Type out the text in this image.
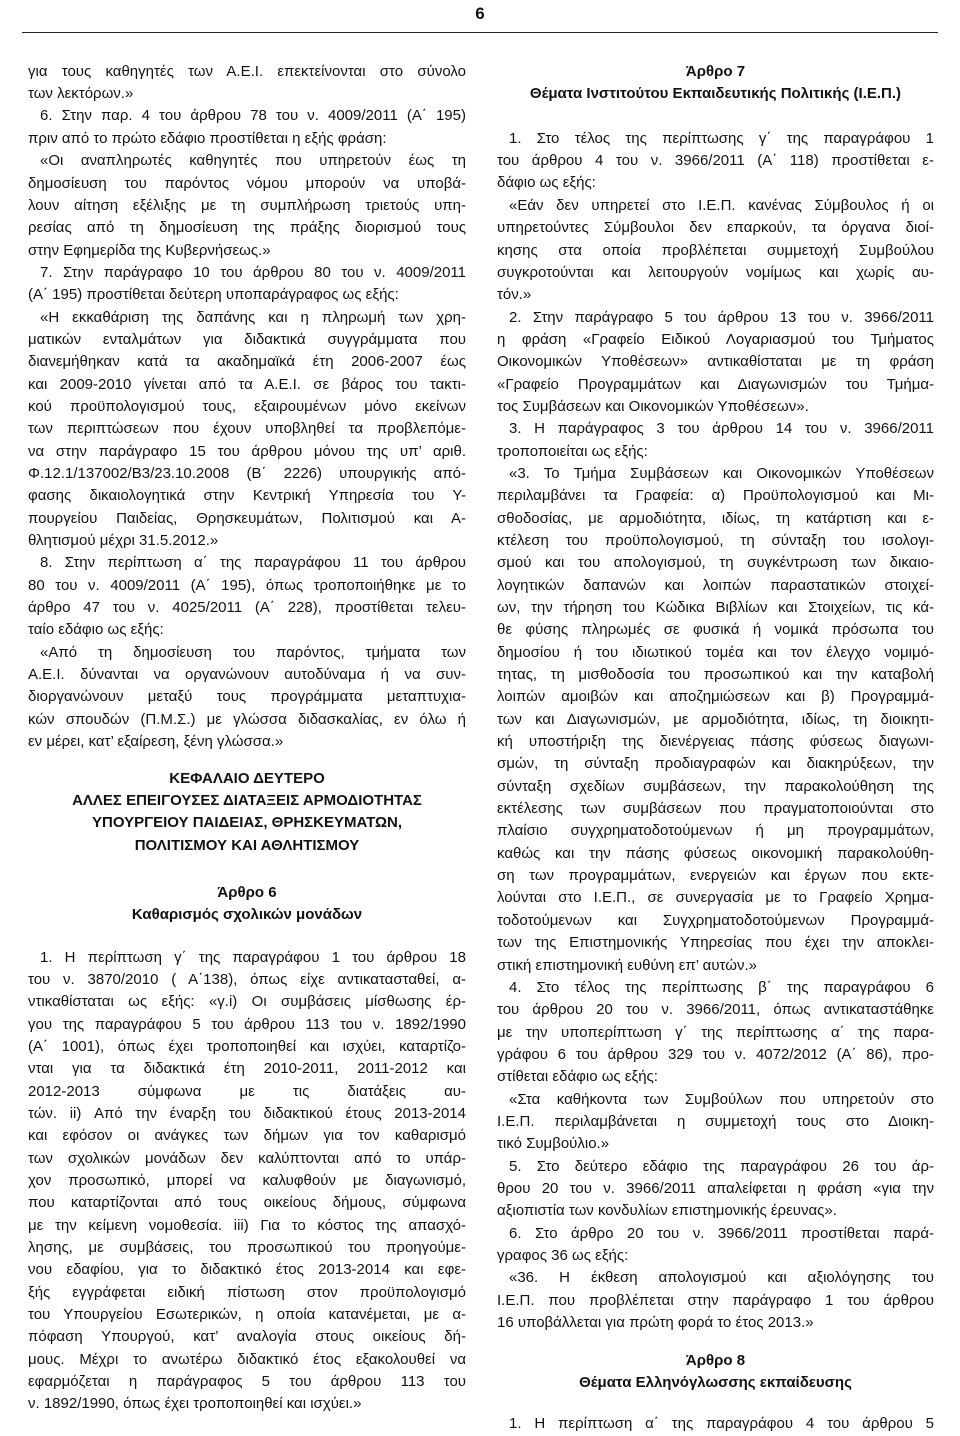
6
για τους καθηγητές των Α.Ε.Ι. επεκτείνονται στο σύνολο
των λεκτόρων.»
6. Στην παρ. 4 του άρθρου 78 του ν. 4009/2011 (Α΄ 195)
πριν από το πρώτο εδάφιο προστίθεται η εξής φράση:
«Οι αναπληρωτές καθηγητές που υπηρετούν έως τη
δημοσίευση του παρόντος νόμου μπορούν να υποβά-
λουν αίτηση εξέλιξης με τη συμπλήρωση τριετούς υπη-
ρεσίας από τη δημοσίευση της πράξης διορισμού τους
στην Εφημερίδα της Κυβερνήσεως.»
7. Στην παράγραφο 10 του άρθρου 80 του ν. 4009/2011
(Α΄ 195) προστίθεται δεύτερη υποπαράγραφος ως εξής:
«Η εκκαθάριση της δαπάνης και η πληρωμή των χρη-
ματικών ενταλμάτων για διδακτικά συγγράμματα που
διανεμήθηκαν κατά τα ακαδημαϊκά έτη 2006-2007 έως
και 2009-2010 γίνεται από τα Α.Ε.Ι. σε βάρος του τακτι-
κού προϋπολογισμού τους, εξαιρουμένων μόνο εκείνων
των περιπτώσεων που έχουν υποβληθεί τα προβλεπόμε-
να στην παράγραφο 15 του άρθρου μόνου της υπ’ αριθ.
Φ.12.1/137002/Β3/23.10.2008 (Β΄ 2226) υπουργικής από-
φασης δικαιολογητικά στην Κεντρική Υπηρεσία του Υ-
πουργείου Παιδείας, Θρησκευμάτων, Πολιτισμού και Α-
θλητισμού μέχρι 31.5.2012.»
8. Στην περίπτωση α΄ της παραγράφου 11 του άρθρου
80 του ν. 4009/2011 (Α΄ 195), όπως τροποποιήθηκε με το
άρθρο 47 του ν. 4025/2011 (Α΄ 228), προστίθεται τελευ-
ταίο εδάφιο ως εξής:
«Από τη δημοσίευση του παρόντος, τμήματα των
Α.Ε.Ι. δύνανται να οργανώνουν αυτοδύναμα ή να συν-
διοργανώνουν μεταξύ τους προγράμματα μεταπτυχια-
κών σπουδών (Π.Μ.Σ.) με γλώσσα διδασκαλίας, εν όλω ή
εν μέρει, κατ’ εξαίρεση, ξένη γλώσσα.»
ΚΕΦΑΛΑΙΟ ΔΕΥΤΕΡΟ
ΑΛΛΕΣ ΕΠΕΙΓΟΥΣΕΣ ΔΙΑΤΑΞΕΙΣ ΑΡΜΟΔΙΟΤΗΤΑΣ
ΥΠΟΥΡΓΕΙΟΥ ΠΑΙΔΕΙΑΣ, ΘΡΗΣΚΕΥΜΑΤΩΝ,
ΠΟΛΙΤΙΣΜΟΥ ΚΑΙ ΑΘΛΗΤΙΣΜΟΥ
Άρθρο 6
Καθαρισμός σχολικών μονάδων
1. Η περίπτωση γ΄ της παραγράφου 1 του άρθρου 18
του ν. 3870/2010 ( Α΄138), όπως είχε αντικατασταθεί, α-
ντικαθίσταται ως εξής: «γ.i) Οι συμβάσεις μίσθωσης έρ-
γου της παραγράφου 5 του άρθρου 113 του ν. 1892/1990
(Α΄ 1001), όπως έχει τροποποιηθεί και ισχύει, καταρτίζο-
νται για τα διδακτικά έτη 2010-2011, 2011-2012 και
2012-2013 σύμφωνα με τις διατάξεις αυ-
τών. ii) Από την έναρξη του διδακτικού έτους 2013-2014
και εφόσον οι ανάγκες των δήμων για τον καθαρισμό
των σχολικών μονάδων δεν καλύπτονται από το υπάρ-
χον προσωπικό, μπορεί να καλυφθούν με διαγωνισμό,
που καταρτίζονται από τους οικείους δήμους, σύμφωνα
με την κείμενη νομοθεσία. iii) Για το κόστος της απασχό-
λησης, με συμβάσεις, του προσωπικού του προηγούμε-
νου εδαφίου, για το διδακτικό έτος 2013-2014 και εφε-
ξής εγγράφεται ειδική πίστωση στον προϋπολογισμό
του Υπουργείου Εσωτερικών, η οποία κατανέμεται, με α-
πόφαση Υπουργού, κατ’ αναλογία στους οικείους δή-
μους. Μέχρι το ανωτέρω διδακτικό έτος εξακολουθεί να
εφαρμόζεται η παράγραφος 5 του άρθρου 113 του
ν. 1892/1990, όπως έχει τροποποιηθεί και ισχύει.»
Άρθρο 7
Θέματα Ινστιτούτου Εκπαιδευτικής Πολιτικής (Ι.Ε.Π.)
1. Στο τέλος της περίπτωσης γ΄ της παραγράφου 1
του άρθρου 4 του ν. 3966/2011 (Α΄ 118) προστίθεται ε-
δάφιο ως εξής:
«Εάν δεν υπηρετεί στο Ι.Ε.Π. κανένας Σύμβουλος ή οι
υπηρετούντες Σύμβουλοι δεν επαρκούν, τα όργανα διοί-
κησης στα οποία προβλέπεται συμμετοχή Συμβούλου
συγκροτούνται και λειτουργούν νομίμως και χωρίς αυ-
τόν.»
2. Στην παράγραφο 5 του άρθρου 13 του ν. 3966/2011
η φράση «Γραφείο Ειδικού Λογαριασμού του Τμήματος
Οικονομικών Υποθέσεων» αντικαθίσταται με τη φράση
«Γραφείο Προγραμμάτων και Διαγωνισμών του Τμήμα-
τος Συμβάσεων και Οικονομικών Υποθέσεων».
3. Η παράγραφος 3 του άρθρου 14 του ν. 3966/2011
τροποποιείται ως εξής:
«3. Το Τμήμα Συμβάσεων και Οικονομικών Υποθέσεων
περιλαμβάνει τα Γραφεία: α) Προϋπολογισμού και Μι-
σθοδοσίας, με αρμοδιότητα, ιδίως, τη κατάρτιση και ε-
κτέλεση του προϋπολογισμού, τη σύνταξη του ισολογι-
σμού και του απολογισμού, τη συγκέντρωση των δικαιο-
λογητικών δαπανών και λοιπών παραστατικών στοιχεί-
ων, την τήρηση του Κώδικα Βιβλίων και Στοιχείων, τις κά-
θε φύσης πληρωμές σε φυσικά ή νομικά πρόσωπα του
δημοσίου ή του ιδιωτικού τομέα και τον έλεγχο νομιμό-
τητας, τη μισθοδοσία του προσωπικού και την καταβολή
λοιπών αμοιβών και αποζημιώσεων και β) Προγραμμά-
των και Διαγωνισμών, με αρμοδιότητα, ιδίως, τη διοικητι-
κή υποστήριξη της διενέργειας πάσης φύσεως διαγωνι-
σμών, τη σύνταξη προδιαγραφών και διακηρύξεων, την
σύνταξη σχεδίων συμβάσεων, την παρακολούθηση της
εκτέλεσης των συμβάσεων που πραγματοποιούνται στο
πλαίσιο συγχρηματοδοτούμενων ή μη προγραμμάτων,
καθώς και την πάσης φύσεως οικονομική παρακολούθη-
ση των προγραμμάτων, ενεργειών και έργων που εκτε-
λούνται στο Ι.Ε.Π., σε συνεργασία με το Γραφείο Χρημα-
τοδοτούμενων και Συγχρηματοδοτούμενων Προγραμμά-
των της Επιστημονικής Υπηρεσίας που έχει την αποκλει-
στική επιστημονική ευθύνη επ’ αυτών.»
4. Στο τέλος της περίπτωσης β΄ της παραγράφου 6
του άρθρου 20 του ν. 3966/2011, όπως αντικαταστάθηκε
με την υποπερίπτωση γ΄ της περίπτωσης α΄ της παρα-
γράφου 6 του άρθρου 329 του ν. 4072/2012 (Α΄ 86), προ-
στίθεται εδάφιο ως εξής:
«Στα καθήκοντα των Συμβούλων που υπηρετούν στο
Ι.Ε.Π. περιλαμβάνεται η συμμετοχή τους στο Διοικη-
τικό Συμβούλιο.»
5. Στο δεύτερο εδάφιο της παραγράφου 26 του άρ-
θρου 20 του ν. 3966/2011 απαλείφεται η φράση «για την
αξιοπιστία των κονδυλίων επιστημονικής έρευνας».
6. Στο άρθρο 20 του ν. 3966/2011 προστίθεται παρά-
γραφος 36 ως εξής:
«36. Η έκθεση απολογισμού και αξιολόγησης του
Ι.Ε.Π. που προβλέπεται στην παράγραφο 1 του άρθρου
16 υποβάλλεται για πρώτη φορά το έτος 2013.»
Άρθρο 8
Θέματα Ελληνόγλωσσης εκπαίδευσης
1. Η περίπτωση α΄ της παραγράφου 4 του άρθρου 5
